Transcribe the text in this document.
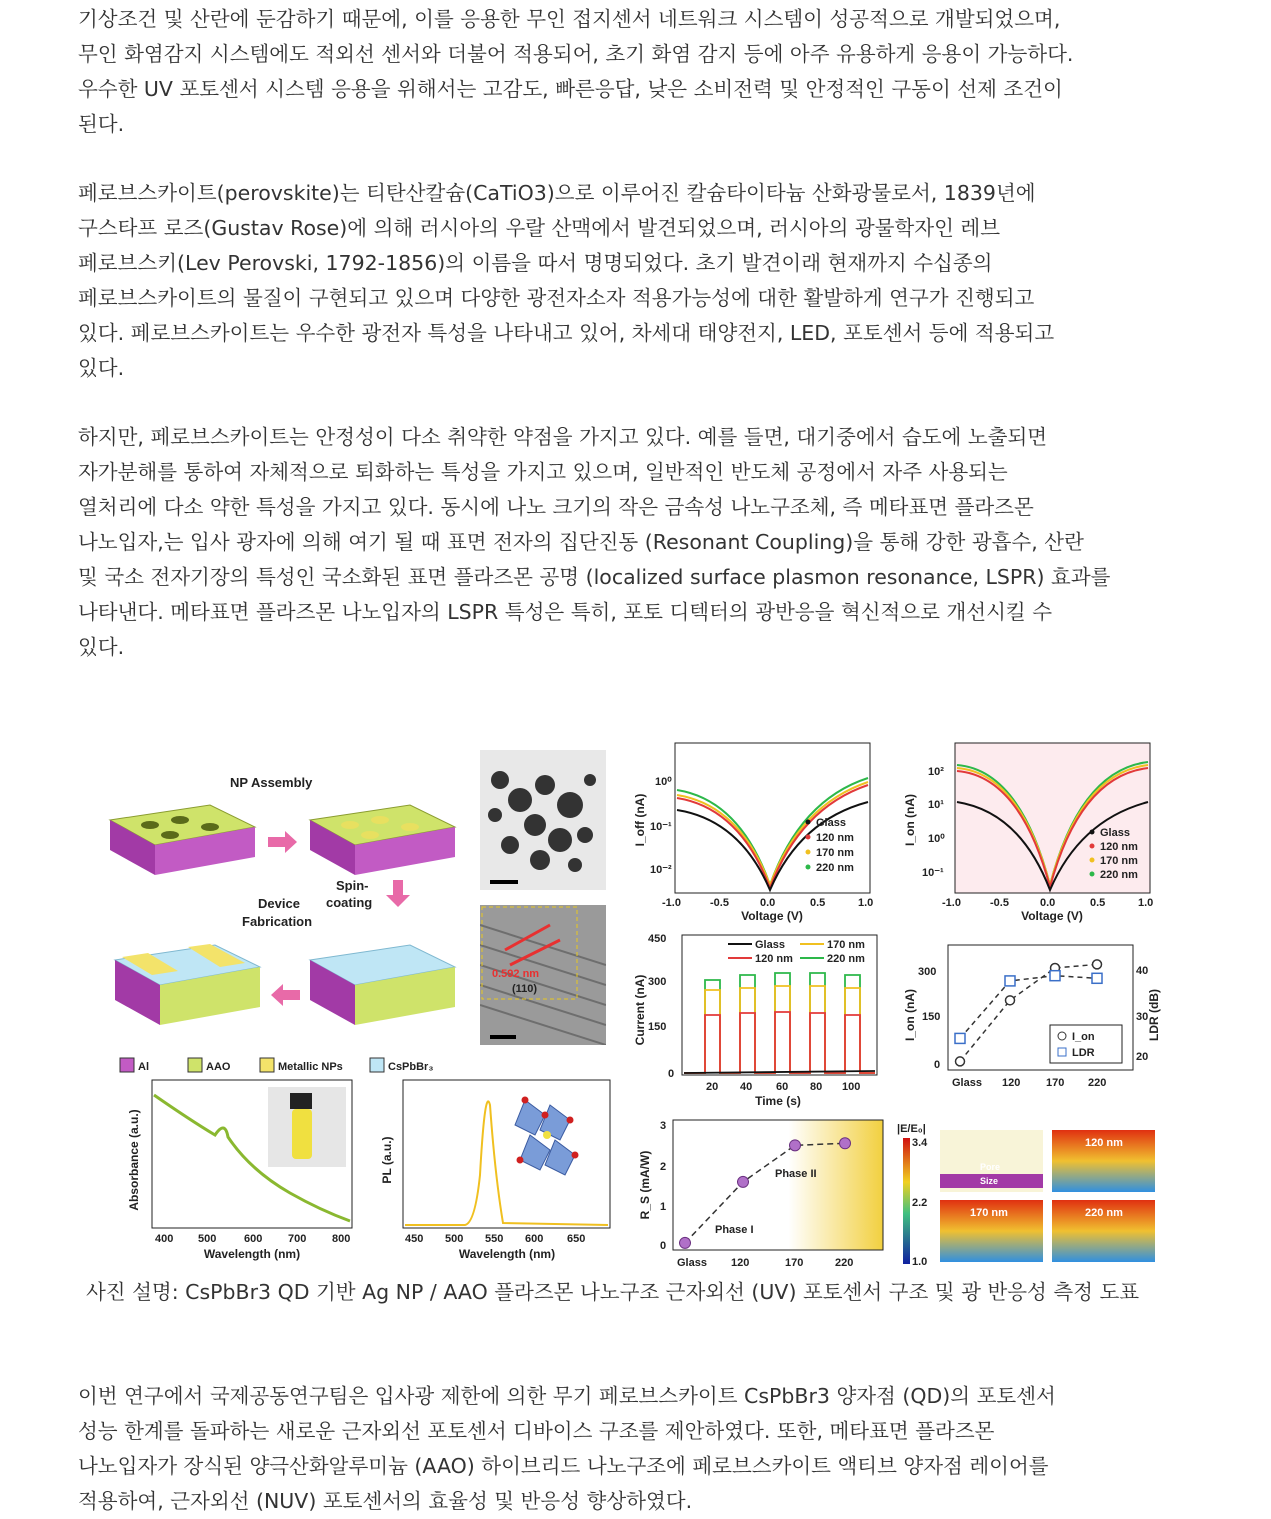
기상조건 및 산란에 둔감하기 때문에, 이를 응용한 무인 접지센서 네트워크 시스템이 성공적으로 개발되었으며,
무인 화염감지 시스템에도 적외선 센서와 더불어 적용되어, 초기 화염 감지 등에 아주 유용하게 응용이 가능하다.
우수한 UV 포토센서 시스템 응용을 위해서는 고감도, 빠른응답, 낮은 소비전력 및 안정적인 구동이 선제 조건이
된다.

페로브스카이트(perovskite)는 티탄산칼슘(CaTiO3)으로 이루어진 칼슘타이타늄 산화광물로서, 1839년에
구스타프 로즈(Gustav Rose)에 의해 러시아의 우랄 산맥에서 발견되었으며, 러시아의 광물학자인 레브
페로브스키(Lev Perovski, 1792-1856)의 이름을 따서 명명되었다. 초기 발견이래 현재까지 수십종의
페로브스카이트의 물질이 구현되고 있으며 다양한 광전자소자 적용가능성에 대한 활발하게 연구가 진행되고
있다. 페로브스카이트는 우수한 광전자 특성을 나타내고 있어, 차세대 태양전지, LED, 포토센서 등에 적용되고
있다.

하지만, 페로브스카이트는 안정성이 다소 취약한 약점을 가지고 있다. 예를 들면, 대기중에서 습도에 노출되면
자가분해를 통하여 자체적으로 퇴화하는 특성을 가지고 있으며, 일반적인 반도체 공정에서 자주 사용되는
열처리에 다소 약한 특성을 가지고 있다. 동시에 나노 크기의 작은 금속성 나노구조체, 즉 메타표면 플라즈몬
나노입자,는 입사 광자에 의해 여기 될 때 표면 전자의 집단진동 (Resonant Coupling)을 통해 강한 광흡수, 산란
및 국소 전자기장의 특성인 국소화된 표면 플라즈몬 공명 (localized surface plasmon resonance, LSPR) 효과를
나타낸다. 메타표면 플라즈몬 나노입자의 LSPR 특성은 특히, 포토 디텍터의 광반응을 혁신적으로 개선시킬 수
있다.

NP Assembly
Spin-
coating
Device
Fabrication
Al	AAO	Metallic NPs	CsPbBr₃
0.592 nm
(110)
I_off (nA)
10⁰
10⁻¹
10⁻²
-1.0	-0.5	0.0	0.5	1.0
Voltage (V)
Glass
120 nm
170 nm
220 nm
I_on (nA)
10²
10¹
10⁰
10⁻¹
-1.0	-0.5	0.0	0.5	1.0
Voltage (V)
Glass
120 nm
170 nm
220 nm
Current (nA)
450
300
150
0
20 40 60 80 100
Time (s)
Glass	170 nm
120 nm	220 nm
I_on (nA)	LDR (dB)
300
150
0
40
30
20
Glass 120 170 220
I_on
LDR
Absorbance (a.u.)
400 500	600 700 800
Wavelength (nm)
PL (a.u.)
450 500 550 600 650
Wavelength (nm)
R_S (mA/W)	Phase II
Phase I
3
2
1
0
Glass 120	170	220
|E/E₀|
3.4
2.2
1.0
Pore
Size
120 nm
170 nm	220 nm
사진 설명: CsPbBr3 QD 기반 Ag NP / AAO 플라즈몬 나노구조 근자외선 (UV) 포토센서 구조 및 광 반응성 측정 도표

이번 연구에서 국제공동연구팀은 입사광 제한에 의한 무기 페로브스카이트 CsPbBr3 양자점 (QD)의 포토센서
성능 한계를 돌파하는 새로운 근자외선 포토센서 디바이스 구조를 제안하였다. 또한, 메타표면 플라즈몬
나노입자가 장식된 양극산화알루미늄 (AAO) 하이브리드 나노구조에 페로브스카이트 액티브 양자점 레이어를
적용하여, 근자외선 (NUV) 포토센서의 효율성 및 반응성 향상하였다.
